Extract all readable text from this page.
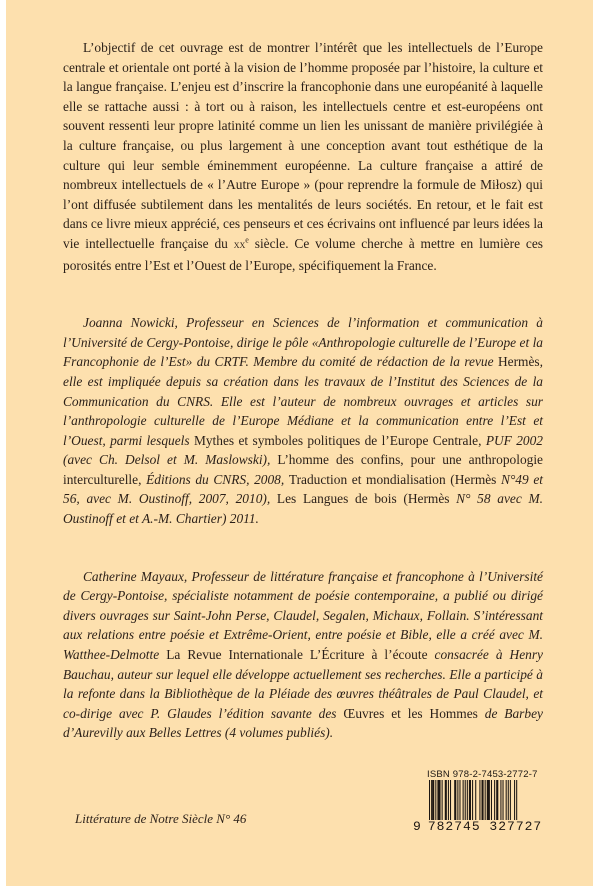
L’objectif de cet ouvrage est de montrer l’intérêt que les intellectuels de l’Europe centrale et orientale ont porté à la vision de l’homme proposée par l’histoire, la culture et la langue française. L’enjeu est d’inscrire la francophonie dans une européanité à laquelle elle se rattache aussi : à tort ou à raison, les intellectuels centre et est-européens ont souvent ressenti leur propre latinité comme un lien les unissant de manière privilégiée à la culture française, ou plus largement à une conception avant tout esthétique de la culture qui leur semble éminemment européenne. La culture française a attiré de nombreux intellectuels de « l’Autre Europe » (pour reprendre la formule de Miłosz) qui l’ont diffusée subtilement dans les mentalités de leurs sociétés. En retour, et le fait est dans ce livre mieux apprécié, ces penseurs et ces écrivains ont influencé par leurs idées la vie intellectuelle française du $xx^e$ siècle. Ce volume cherche à mettre en lumière ces porosités entre l’Est et l’Ouest de l’Europe, spécifiquement la France.

Joanna Nowicki, Professeur en Sciences de l’information et communication à l’Université de Cergy-Pontoise, dirige le pôle «Anthropologie culturelle de l’Europe et la Francophonie de l’Est» du CRTF. Membre du comité de rédaction de la revue Hermès, elle est impliquée depuis sa création dans les travaux de l’Institut des Sciences de la Communication du CNRS. Elle est l’auteur de nombreux ouvrages et articles sur l’anthropologie culturelle de l’Europe Médiane et la communication entre l’Est et l’Ouest, parmi lesquels Mythes et symboles politiques de l’Europe Centrale, PUF 2002 (avec Ch. Delsol et M. Maslowski), L’homme des confins, pour une anthropologie interculturelle, Éditions du CNRS, 2008, Traduction et mondialisation (Hermès N°49 et 56, avec M. Oustinoff, 2007, 2010), Les Langues de bois (Hermès N° 58 avec M. Oustinoff et et A.-M. Chartier) 2011.

Catherine Mayaux, Professeur de littérature française et francophone à l’Université de Cergy-Pontoise, spécialiste notamment de poésie contemporaine, a publié ou dirigé divers ouvrages sur Saint-John Perse, Claudel, Segalen, Michaux, Follain. S’intéressant aux relations entre poésie et Extrême-Orient, entre poésie et Bible, elle a créé avec M. Watthee-Delmotte La Revue Internationale L’Écriture à l’écoute consacrée à Henry Bauchau, auteur sur lequel elle développe actuellement ses recherches. Elle a participé à la refonte dans la Bibliothèque de la Pléiade des œuvres théâtrales de Paul Claudel, et co-dirige avec P. Glaudes l’édition savante des Œuvres et les Hommes de Barbey d’Aurevilly aux Belles Lettres (4 volumes publiés).

Littérature de Notre Siècle N° 46
ISBN 978-2-7453-2772-7
9 782745 327727
